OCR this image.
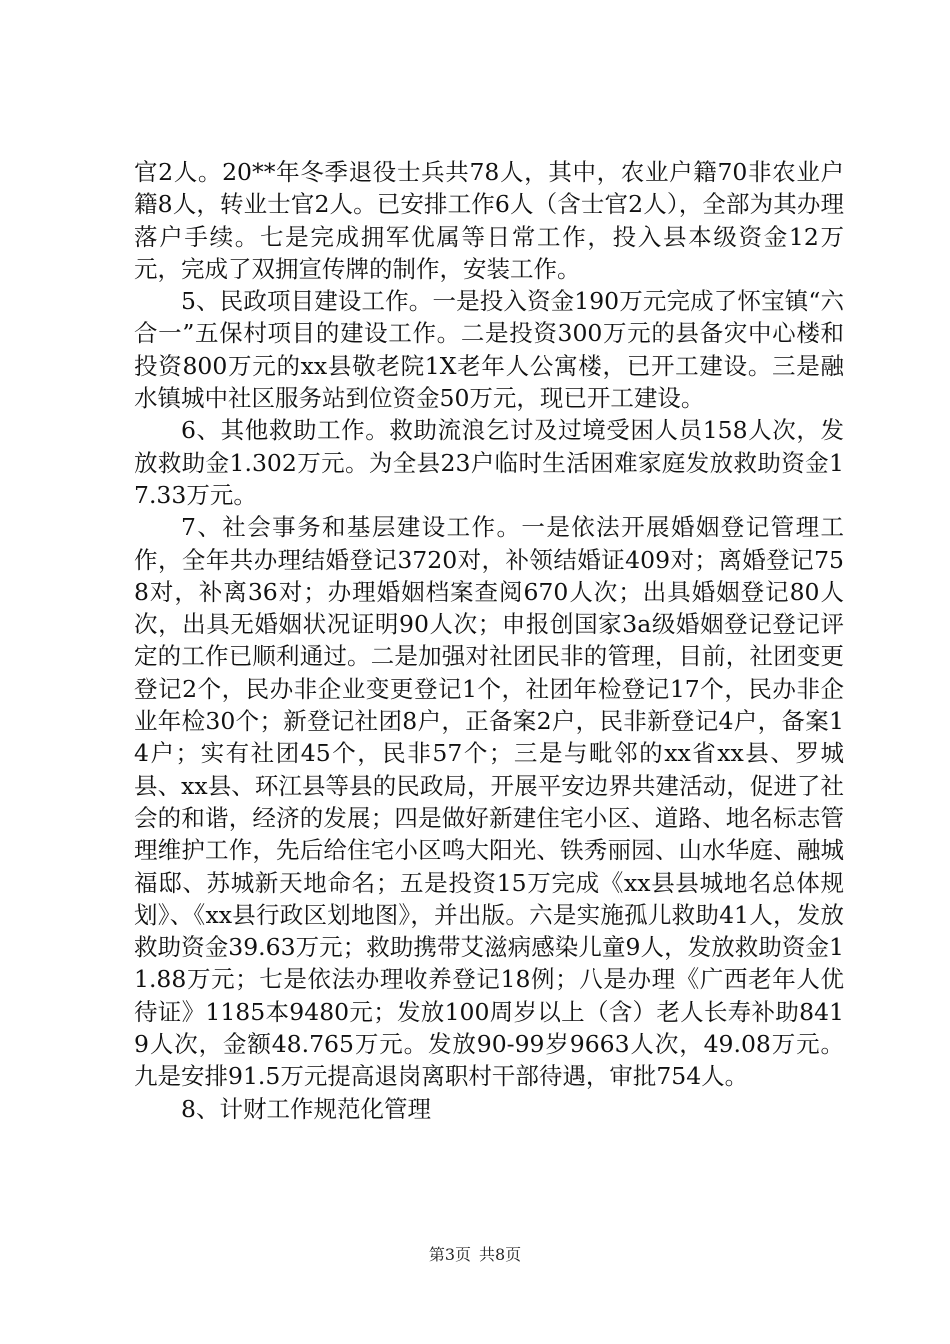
官2人。20**年冬季退役士兵共78人，其中，农业户籍70非农业户籍8人，转业士官2人。已安排工作6人（含士官2人），全部为其办理落户手续。七是完成拥军优属等日常工作，投入县本级资金12万元，完成了双拥宣传牌的制作，安装工作。

5、民政项目建设工作。一是投入资金190万元完成了怀宝镇“六合一”五保村项目的建设工作。二是投资300万元的县备灾中心楼和投资800万元的xx县敬老院1X老年人公寓楼，已开工建设。三是融水镇城中社区服务站到位资金50万元，现已开工建设。

6、其他救助工作。救助流浪乞讨及过境受困人员158人次，发放救助金1.302万元。为全县23户临时生活困难家庭发放救助资金17.33万元。

7、社会事务和基层建设工作。一是依法开展婚姻登记管理工作，全年共办理结婚登记3720对，补领结婚证409对；离婚登记758对，补离36对；办理婚姻档案查阅670人次；出具婚姻登记80人次，出具无婚姻状况证明90人次；申报创国家3a级婚姻登记登记评定的工作已顺利通过。二是加强对社团民非的管理，目前，社团变更登记2个，民办非企业变更登记1个，社团年检登记17个，民办非企业年检30个；新登记社团8户，正备案2户，民非新登记4户，备案14户；实有社团45个，民非57个；三是与毗邻的xx省xx县、罗城县、xx县、环江县等县的民政局，开展平安边界共建活动，促进了社会的和谐，经济的发展；四是做好新建住宅小区、道路、地名标志管理维护工作，先后给住宅小区鸣大阳光、铁秀丽园、山水华庭、融城福邸、苏城新天地命名；五是投资15万完成《xx县县城地名总体规划》、《xx县行政区划地图》，并出版。六是实施孤儿救助41人，发放救助资金39.63万元；救助携带艾滋病感染儿童9人，发放救助资金11.88万元；七是依法办理收养登记18例；八是办理《广西老年人优待证》1185本9480元；发放100周岁以上（含）老人长寿补助8419人次，金额48.765万元。发放90-99岁9663人次，49.08万元。九是安排91.5万元提高退岗离职村干部待遇，审批754人。

8、计财工作规范化管理

第3页 共8页
